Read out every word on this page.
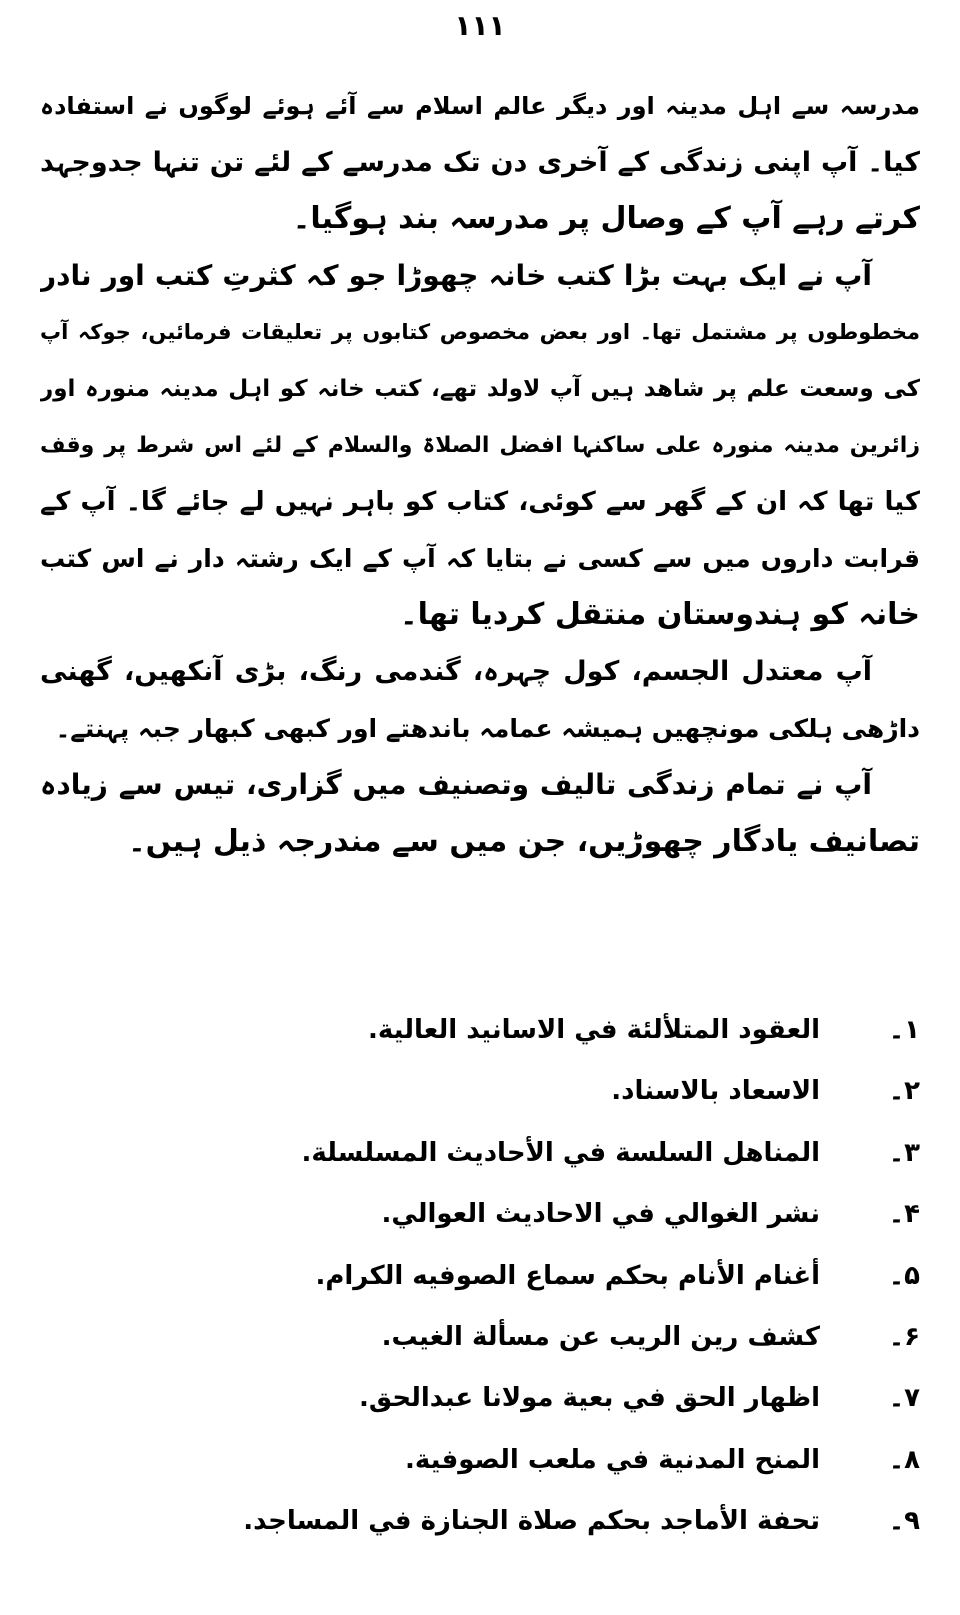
۱۱۱
مدرسہ سے اہل مدینہ اور دیگر عالم اسلام سے آئے ہوئے لوگوں نے استفادہ
کیا۔ آپ اپنی زندگی کے آخری دن تک مدرسے کے لئے تن تنہا جدوجہد
کرتے رہے آپ کے وصال پر مدرسہ بند ہوگیا۔
آپ نے ایک بہت بڑا کتب خانہ چھوڑا جو کہ کثرتِ کتب اور نادر
مخطوطوں پر مشتمل تھا۔ اور بعض مخصوص کتابوں پر تعلیقات فرمائیں، جوکہ آپ
کی وسعت علم پر شاھد ہیں آپ لاولد تھے، کتب خانہ کو اہل مدینہ منورہ اور
زائرین مدینہ منورہ علی ساکنہا افضل الصلاۃ والسلام کے لئے اس شرط پر وقف
کیا تھا کہ ان کے گھر سے کوئی، کتاب کو باہر نہیں لے جائے گا۔ آپ کے
قرابت داروں میں سے کسی نے بتایا کہ آپ کے ایک رشتہ دار نے اس کتب
خانہ کو ہندوستان منتقل کردیا تھا۔
آپ معتدل الجسم، کول چہرہ، گندمی رنگ، بڑی آنکھیں، گھنی
داڑھی ہلکی مونچھیں ہمیشہ عمامہ باندھتے اور کبھی کبھار جبہ پہنتے۔
آپ نے تمام زندگی تالیف وتصنیف میں گزاری، تیس سے زیادہ
تصانیف یادگار چھوڑیں، جن میں سے مندرجہ ذیل ہیں۔
۱۔
العقود المتلألئة في الاسانيد العالية.
۲۔
الاسعاد بالاسناد.
۳۔
المناهل السلسة في الأحاديث المسلسلة.
۴۔
نشر الغوالي في الاحاديث العوالي.
۵۔
أغنام الأنام بحكم سماع الصوفيه الكرام.
۶۔
كشف رين الريب عن مسألة الغيب.
۷۔
اظهار الحق في بعية مولانا عبدالحق.
۸۔
المنح المدنية في ملعب الصوفية.
۹۔
تحفة الأماجد بحكم صلاة الجنازة في المساجد.
